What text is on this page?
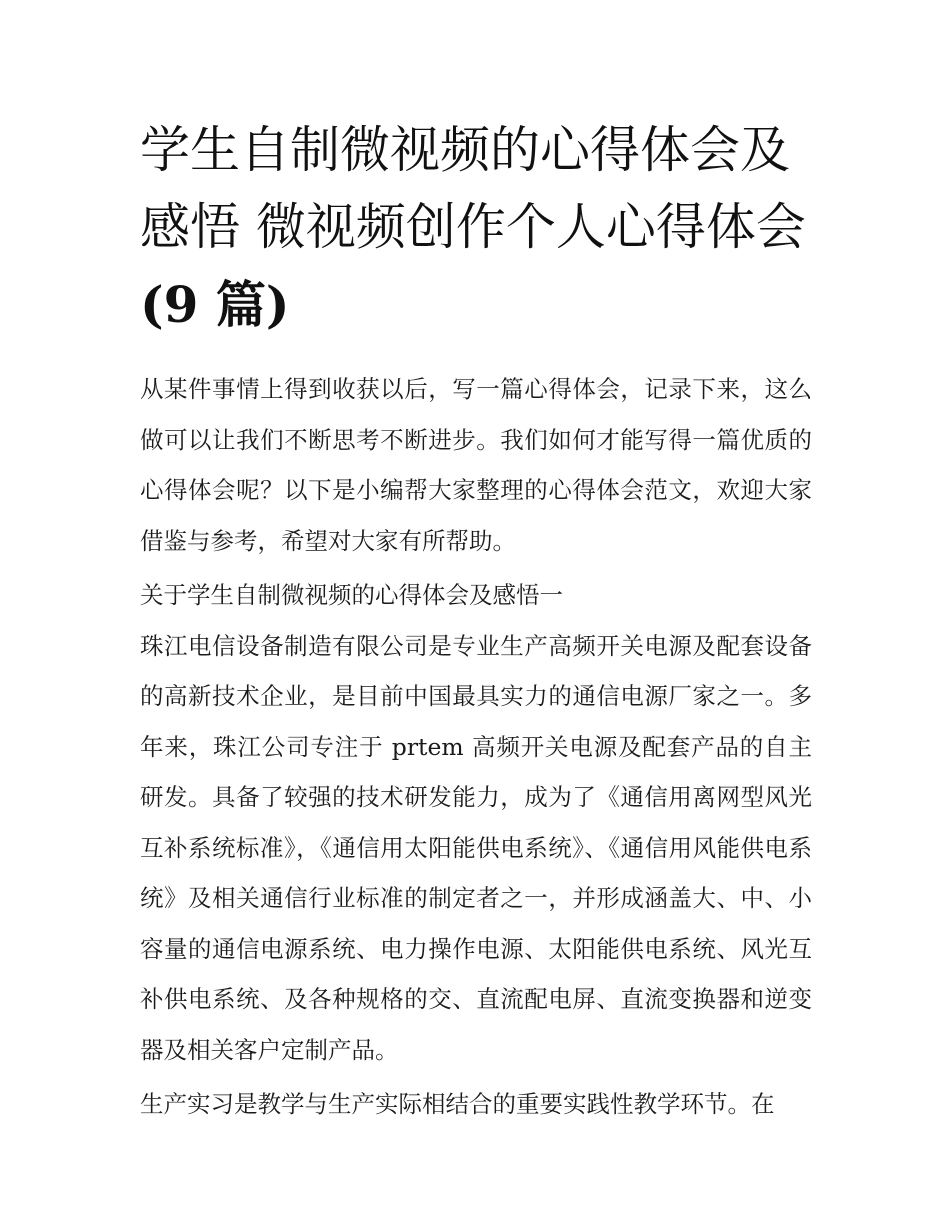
学生自制微视频的心得体会及感悟 微视频创作个人心得体会
(9 篇)

从某件事情上得到收获以后，写一篇心得体会，记录下来，这么做可以让我们不断思考不断进步。我们如何才能写得一篇优质的心得体会呢？以下是小编帮大家整理的心得体会范文，欢迎大家借鉴与参考，希望对大家有所帮助。

关于学生自制微视频的心得体会及感悟一

珠江电信设备制造有限公司是专业生产高频开关电源及配套设备的高新技术企业，是目前中国最具实力的通信电源厂家之一。多年来，珠江公司专注于 prtem 高频开关电源及配套产品的自主研发。具备了较强的技术研发能力，成为了《通信用离网型风光互补系统标准》，《通信用太阳能供电系统》、《通信用风能供电系统》及相关通信行业标准的制定者之一，并形成涵盖大、中、小容量的通信电源系统、电力操作电源、太阳能供电系统、风光互补供电系统、及各种规格的交、直流配电屏、直流变换器和逆变器及相关客户定制产品。

生产实习是教学与生产实际相结合的重要实践性教学环节。在
